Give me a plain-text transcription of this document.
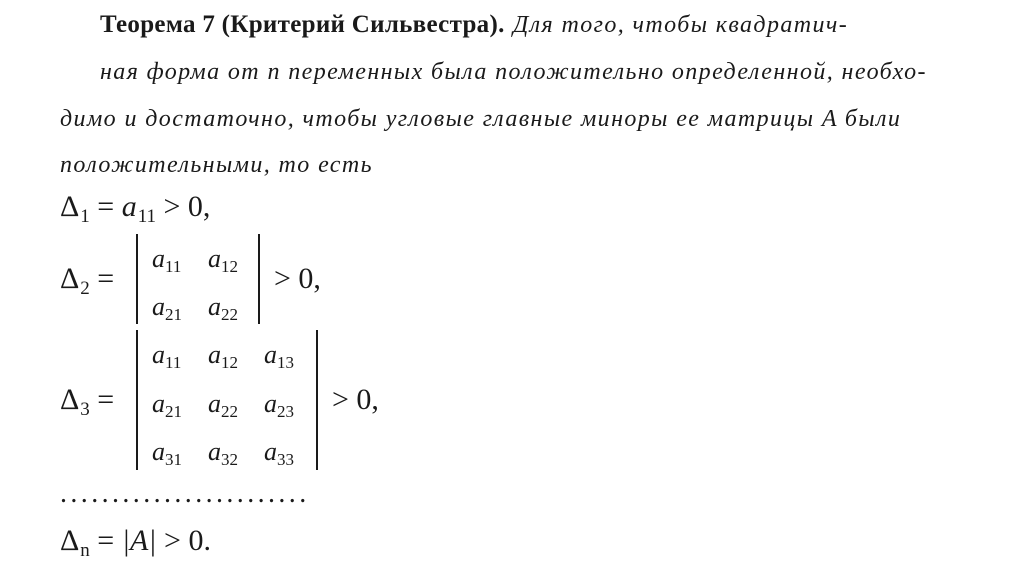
Теорема 7 (Критерий Сильвестра). Для того, чтобы квадратич-
ная форма от n переменных была положительно определенной, необхо-
димо и достаточно, чтобы угловые главные миноры ее матрицы A были
положительными, то есть
$\Delta_1 = a_{11} > 0$,
$\Delta_2$ =
$a_{11}$ $a_{12}$
$a_{21}$ $a_{22}$
> 0,
$\Delta_3$ =
$a_{11}$ $a_{12}$ $a_{13}$
$a_{21}$ $a_{22}$ $a_{23}$
$a_{31}$ $a_{32}$ $a_{33}$
> 0,
........................
$\Delta_n = |A| > 0$.
